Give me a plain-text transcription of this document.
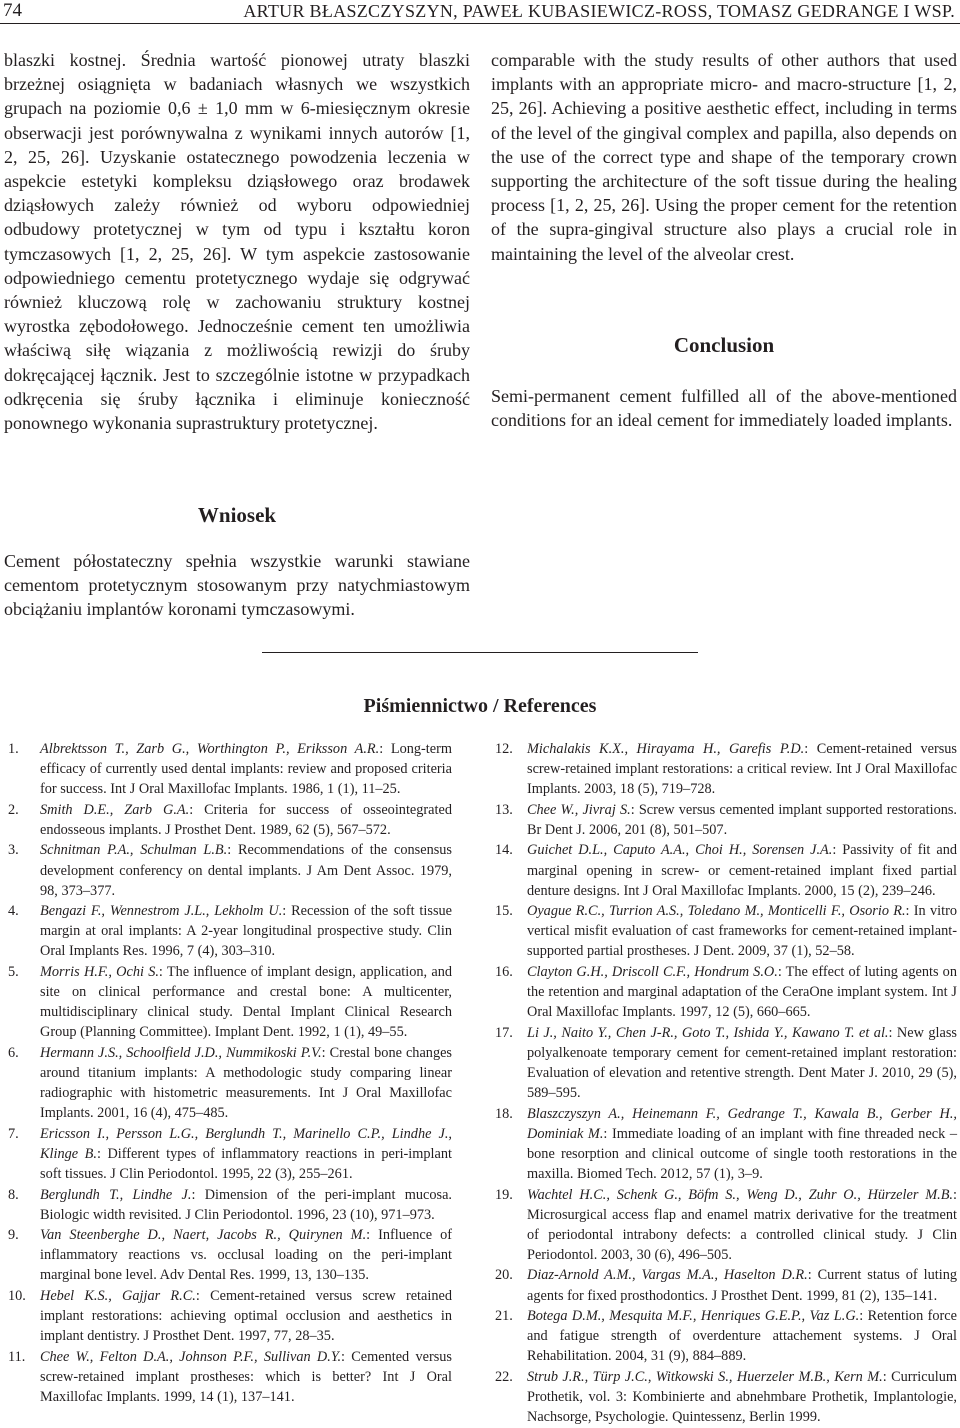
74	ARTUR BŁASZCZYSZYN, PAWEŁ KUBASIEWICZ-ROSS, TOMASZ GEDRANGE I WSP.

blaszki kostnej. Średnia wartość pionowej utraty blaszki brzeżnej osiągnięta w badaniach własnych we wszystkich grupach na poziomie 0,6 ± 1,0 mm w 6-miesięcznym okresie obserwacji jest porównywalna z wynikami innych autorów [1, 2, 25, 26]. Uzyskanie ostatecznego powodzenia leczenia w aspekcie estetyki kompleksu dziąsłowego oraz brodawek dziąsłowych zależy również od wyboru odpowiedniej odbudowy protetycznej w tym od typu i kształtu koron tymczasowych [1, 2, 25, 26]. W tym aspekcie zastosowanie odpowiedniego cementu protetycznego wydaje się odgrywać również kluczową rolę w zachowaniu struktury kostnej wyrostka zębodołowego. Jednocześnie cement ten umożliwia właściwą siłę wiązania z możliwością rewizji do śruby dokręcającej łącznik. Jest to szczególnie istotne w przypadkach odkręcenia się śruby łącznika i eliminuje konieczność ponownego wykonania suprastruktury protetycznej.

comparable with the study results of other authors that used implants with an appropriate micro- and macro-structure [1, 2, 25, 26]. Achieving a positive aesthetic effect, including in terms of the level of the gingival complex and papilla, also depends on the use of the correct type and shape of the temporary crown supporting the architecture of the soft tissue during the healing process [1, 2, 25, 26]. Using the proper cement for the retention of the supra-gingival structure also plays a crucial role in maintaining the level of the alveolar crest.

Conclusion
Semi-permanent cement fulfilled all of the above-mentioned conditions for an ideal cement for immediately loaded implants.
Wniosek
Cement półostateczny spełnia wszystkie warunki stawiane cementom protetycznym stosowanym przy natychmiastowym obciążaniu implantów koronami tymczasowymi.
Piśmiennictwo / References
1. Albrektsson T., Zarb G., Worthington P., Eriksson A.R.: Long-term efficacy of currently used dental implants: review and proposed criteria for success. Int J Oral Maxillofac Implants. 1986, 1 (1), 11–25.
2. Smith D.E., Zarb G.A.: Criteria for success of osseointegrated endosseous implants. J Prosthet Dent. 1989, 62 (5), 567–572.
3. Schnitman P.A., Schulman L.B.: Recommendations of the consensus development conferency on dental implants. J Am Dent Assoc. 1979, 98, 373–377.
4. Bengazi F., Wennestrom J.L., Lekholm U.: Recession of the soft tissue margin at oral implants: A 2-year longitudinal prospective study. Clin Oral Implants Res. 1996, 7 (4), 303–310.
5. Morris H.F., Ochi S.: The influence of implant design, application, and site on clinical performance and crestal bone: A multicenter, multidisciplinary clinical study. Dental Implant Clinical Research Group (Planning Committee). Implant Dent. 1992, 1 (1), 49–55.
6. Hermann J.S., Schoolfield J.D., Nummikoski P.V.: Crestal bone changes around titanium implants: A methodologic study comparing linear radiographic with histometric measurements. Int J Oral Maxillofac Implants. 2001, 16 (4), 475–485.
7. Ericsson I., Persson L.G., Berglundh T., Marinello C.P., Lindhe J., Klinge B.: Different types of inflammatory reactions in peri-implant soft tissues. J Clin Periodontol. 1995, 22 (3), 255–261.
8. Berglundh T., Lindhe J.: Dimension of the peri-implant mucosa. Biologic width revisited. J Clin Periodontol. 1996, 23 (10), 971–973.
9. Van Steenberghe D., Naert, Jacobs R., Quirynen M.: Influence of inflammatory reactions vs. occlusal loading on the peri-implant marginal bone level. Adv Dental Res. 1999, 13, 130–135.
10. Hebel K.S., Gajjar R.C.: Cement-retained versus screw retained implant restorations: achieving optimal occlusion and aesthetics in implant dentistry. J Prosthet Dent. 1997, 77, 28–35.
11. Chee W., Felton D.A., Johnson P.F., Sullivan D.Y.: Cemented versus screw-retained implant prostheses: which is better? Int J Oral Maxillofac Implants. 1999, 14 (1), 137–141.
12. Michalakis K.X., Hirayama H., Garefis P.D.: Cement-retained versus screw-retained implant restorations: a critical review. Int J Oral Maxillofac Implants. 2003, 18 (5), 719–728.
13. Chee W., Jivraj S.: Screw versus cemented implant supported restorations. Br Dent J. 2006, 201 (8), 501–507.
14. Guichet D.L., Caputo A.A., Choi H., Sorensen J.A.: Passivity of fit and marginal opening in screw- or cement-retained implant fixed partial denture designs. Int J Oral Maxillofac Implants. 2000, 15 (2), 239–246.
15. Oyague R.C., Turrion A.S., Toledano M., Monticelli F., Osorio R.: In vitro vertical misfit evaluation of cast frameworks for cement-retained implant-supported partial prostheses. J Dent. 2009, 37 (1), 52–58.
16. Clayton G.H., Driscoll C.F., Hondrum S.O.: The effect of luting agents on the retention and marginal adaptation of the CeraOne implant system. Int J Oral Maxillofac Implants. 1997, 12 (5), 660–665.
17. Li J., Naito Y., Chen J-R., Goto T., Ishida Y., Kawano T. et al.: New glass polyalkenoate temporary cement for cement-retained implant restoration: Evaluation of elevation and retentive strength. Dent Mater J. 2010, 29 (5), 589–595.
18. Blaszczyszyn A., Heinemann F., Gedrange T., Kawala B., Gerber H., Dominiak M.: Immediate loading of an implant with fine threaded neck – bone resorption and clinical outcome of single tooth restorations in the maxilla. Biomed Tech. 2012, 57 (1), 3–9.
19. Wachtel H.C., Schenk G., Böfm S., Weng D., Zuhr O., Hürzeler M.B.: Microsurgical access flap and enamel matrix derivative for the treatment of periodontal intrabony defects: a controlled clinical study. J Clin Periodontol. 2003, 30 (6), 496–505.
20. Diaz-Arnold A.M., Vargas M.A., Haselton D.R.: Current status of luting agents for fixed prosthodontics. J Prosthet Dent. 1999, 81 (2), 135–141.
21. Botega D.M., Mesquita M.F., Henriques G.E.P., Vaz L.G.: Retention force and fatigue strength of overdenture attachement systems. J Oral Rehabilitation. 2004, 31 (9), 884–889.
22. Strub J.R., Türp J.C., Witkowski S., Huerzeler M.B., Kern M.: Curriculum Prothetik, vol. 3: Kombinierte and abnehmbare Prothetik, Implantologie, Nachsorge, Psychologie. Quintessenz, Berlin 1999.
